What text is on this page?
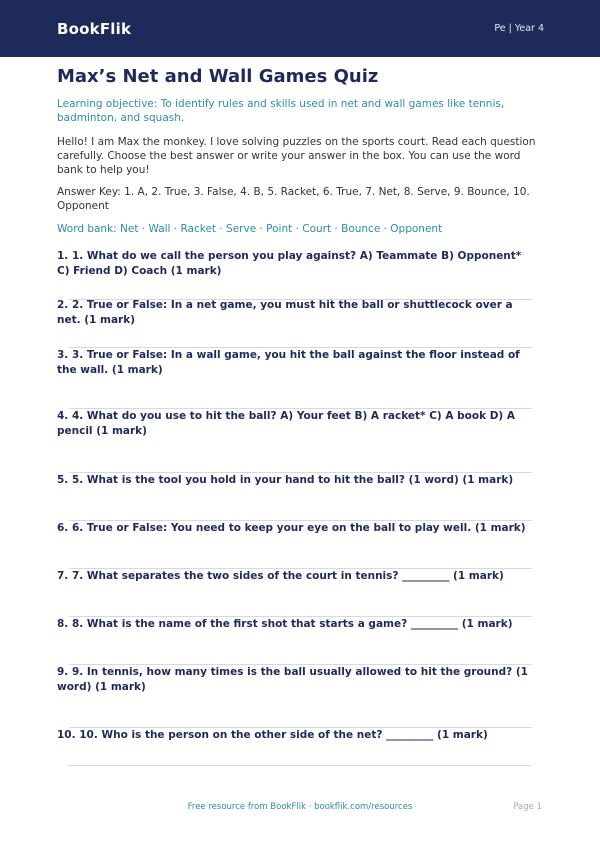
BookFlik	Pe | Year 4
Max’s Net and Wall Games Quiz

Learning objective: To identify rules and skills used in net and wall games like tennis, badminton, and squash.

Hello! I am Max the monkey. I love solving puzzles on the sports court. Read each question carefully. Choose the best answer or write your answer in the box. You can use the word bank to help you!

Answer Key: 1. A, 2. True, 3. False, 4. B, 5. Racket, 6. True, 7. Net, 8. Serve, 9. Bounce, 10. Opponent

Word bank: Net · Wall · Racket · Serve · Point · Court · Bounce · Opponent

1. 1. What do we call the person you play against? A) Teammate B) Opponent* C) Friend D) Coach (1 mark)
2. 2. True or False: In a net game, you must hit the ball or shuttlecock over a net. (1 mark)
3. 3. True or False: In a wall game, you hit the ball against the floor instead of the wall. (1 mark)
4. 4. What do you use to hit the ball? A) Your feet B) A racket* C) A book D) A pencil (1 mark)
5. 5. What is the tool you hold in your hand to hit the ball? (1 word) (1 mark)
6. 6. True or False: You need to keep your eye on the ball to play well. (1 mark)
7. 7. What separates the two sides of the court in tennis? _________ (1 mark)
8. 8. What is the name of the first shot that starts a game? _________ (1 mark)
9. 9. In tennis, how many times is the ball usually allowed to hit the ground? (1 word) (1 mark)
10. 10. Who is the person on the other side of the net? _________ (1 mark)
Free resource from BookFlik · bookflik.com/resources	Page 1
